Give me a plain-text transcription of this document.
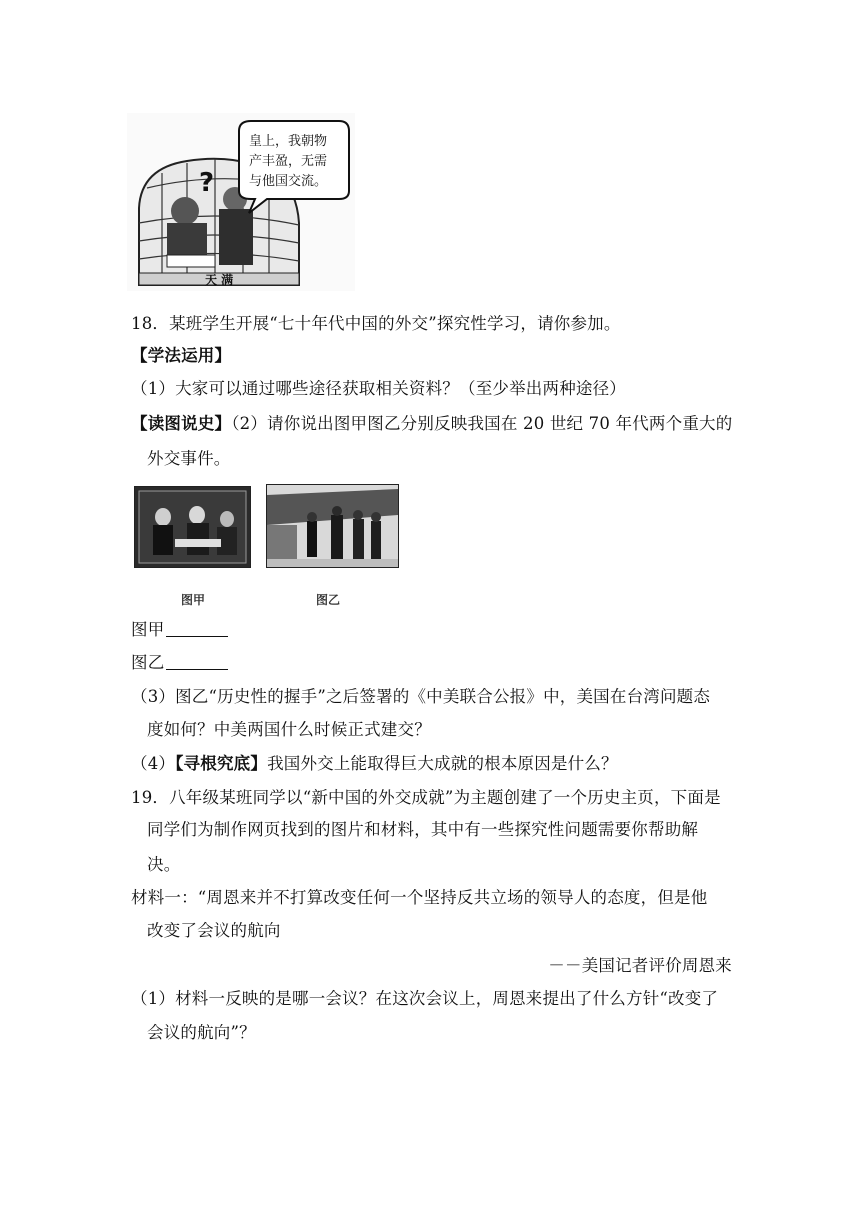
?
天 满
皇上，我朝物
产丰盈，无需
与他国交流。
18．某班学生开展“七十年代中国的外交”探究性学习，请你参加。
【学法运用】
（1）大家可以通过哪些途径获取相关资料？（至少举出两种途径）
【读图说史】（2）请你说出图甲图乙分别反映我国在 20 世纪 70 年代两个重大的
外交事件。
图甲	图乙
图甲
图乙
（3）图乙“历史性的握手”之后签署的《中美联合公报》中，美国在台湾问题态
度如何？中美两国什么时候正式建交？
（4）【寻根究底】我国外交上能取得巨大成就的根本原因是什么？
19．八年级某班同学以“新中国的外交成就”为主题创建了一个历史主页，下面是
同学们为制作网页找到的图片和材料，其中有一些探究性问题需要你帮助解
决。
材料一：“周恩来并不打算改变任何一个坚持反共立场的领导人的态度，但是他
改变了会议的航向
－－美国记者评价周恩来
（1）材料一反映的是哪一会议？在这次会议上，周恩来提出了什么方针“改变了
会议的航向”？
